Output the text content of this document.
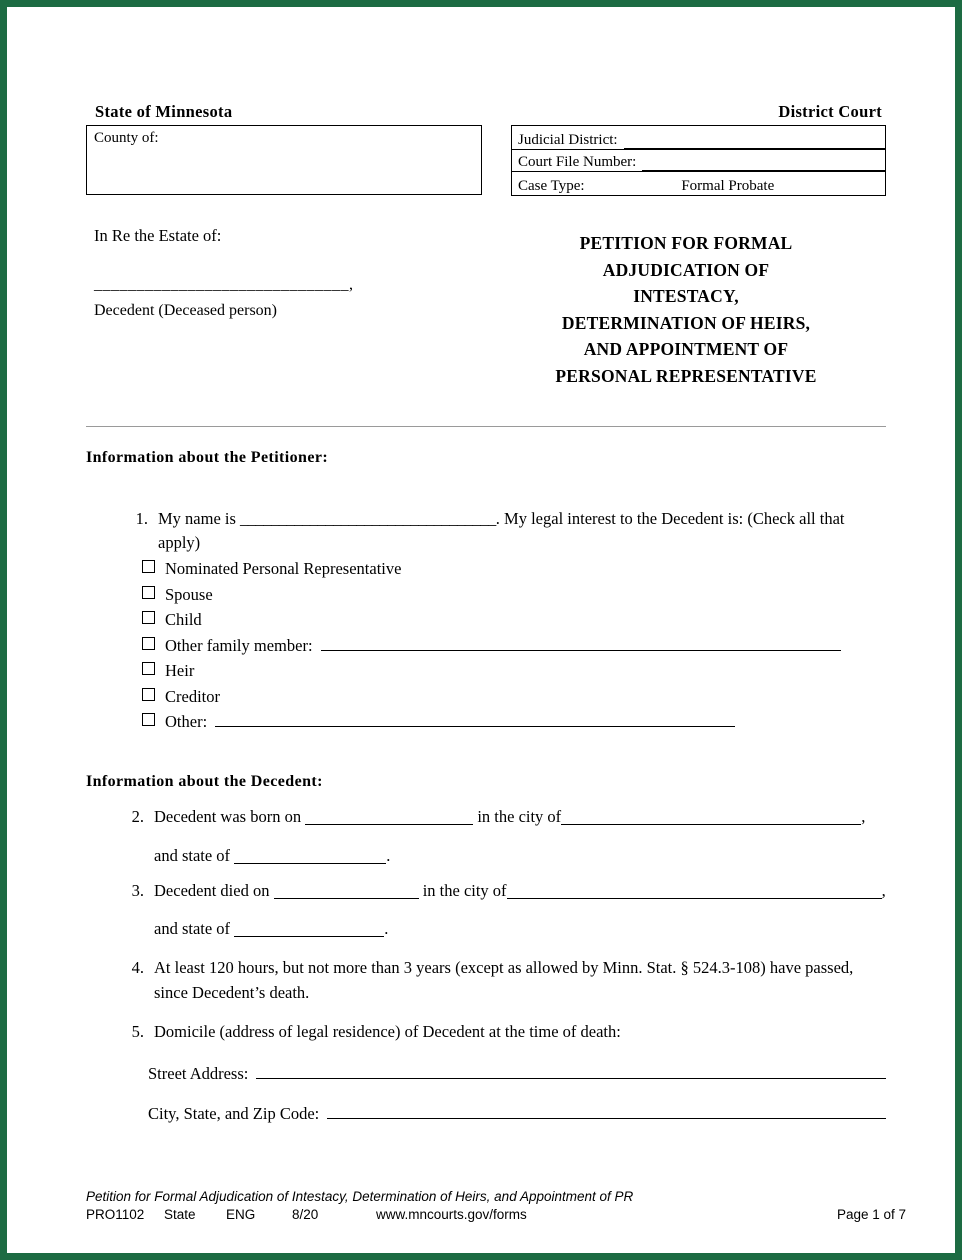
State of Minnesota	District Court
County of:	Judicial District:
Court File Number:
Case Type:	Formal Probate
In Re the Estate of:
______________________________,
Decedent (Deceased person)
PETITION FOR FORMAL
ADJUDICATION OF
INTESTACY,
DETERMINATION OF HEIRS,
AND APPOINTMENT OF
PERSONAL REPRESENTATIVE
Information about the Petitioner:
1. My name is _________________________________. My legal interest to the Decedent is: (Check all that apply)
Nominated Personal Representative
Spouse
Child
Other family member:
Heir
Creditor
Other:
Information about the Decedent:
2. Decedent was born on	in the city of	,
and state of	.
3. Decedent died on	in the city of	,
and state of	.
4. At least 120 hours, but not more than 3 years (except as allowed by Minn. Stat. § 524.3-108) have passed, since Decedent’s death.
5. Domicile (address of legal residence) of Decedent at the time of death:
Street Address:
City, State, and Zip Code:
Petition for Formal Adjudication of Intestacy, Determination of Heirs, and Appointment of PR
PRO1102	State	ENG	8/20	www.mncourts.gov/forms	Page 1 of 7
